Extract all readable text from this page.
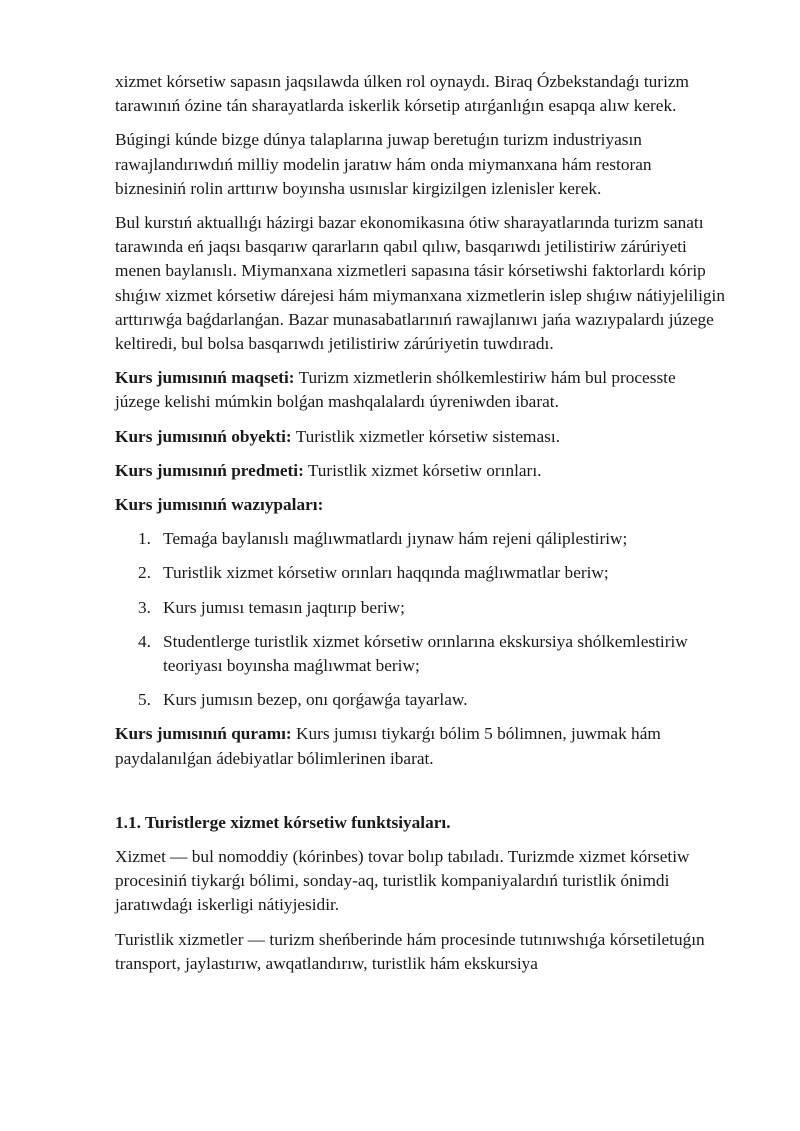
xizmet kórsetiw sapasın jaqsılawda úlken rol oynaydı. Biraq Ózbekstandaǵı turizm tarawınıń ózine tán sharayatlarda iskerlik kórsetip atırǵanlıǵın esapqa alıw kerek.

Búgingi kúnde bizge dúnya talaplarına juwap beretuǵın turizm industriyasın rawajlandırıwdıń milliy modelin jaratıw hám onda miymanxana hám restoran biznesiniń rolin arttırıw boyınsha usınıslar kirgizilgen izlenisler kerek.

Bul kurstıń aktuallıǵı házirgi bazar ekonomikasına ótiw sharayatlarında turizm sanatı tarawında eń jaqsı basqarıw qararların qabıl qılıw, basqarıwdı jetilistiriw zárúriyeti menen baylanıslı. Miymanxana xizmetleri sapasına tásir kórsetiwshi faktorlardı kórip shıǵıw xizmet kórsetiw dárejesi hám miymanxana xizmetlerin islep shıǵıw nátiyjeliligin arttırıwǵa baǵdarlanǵan. Bazar munasabatlarınıń rawajlanıwı jańa wazıypalardı júzege keltiredi, bul bolsa basqarıwdı jetilistiriw zárúriyetin tuwdıradı.

Kurs jumısınıń maqseti: Turizm xizmetlerin shólkemlestiriw hám bul processte júzege kelishi múmkin bolǵan mashqalalardı úyreniwden ibarat.

Kurs jumısınıń obyekti: Turistlik xizmetler kórsetiw sisteması.

Kurs jumısınıń predmeti: Turistlik xizmet kórsetiw orınları.

Kurs jumısınıń wazıypaları:

1. Temaǵa baylanıslı maǵlıwmatlardı jıynaw hám rejeni qáliplestiriw;
2. Turistlik xizmet kórsetiw orınları haqqında maǵlıwmatlar beriw;
3. Kurs jumısı temasın jaqtırıp beriw;
4. Studentlerge turistlik xizmet kórsetiw orınlarına ekskursiya shólkemlestiriw teoriyası boyınsha maǵlıwmat beriw;
5. Kurs jumısın bezep, onı qorǵawǵa tayarlaw.

Kurs jumısınıń quramı: Kurs jumısı tiykarǵı bólim 5 bólimnen, juwmak hám paydalanılǵan ádebiyatlar bólimlerinen ibarat.

1.1. Turistlerge xizmet kórsetiw funktsiyaları.

Xizmet — bul nomoddiy (kórinbes) tovar bolıp tabıladı. Turizmde xizmet kórsetiw procesiniń tiykarǵı bólimi, sonday-aq, turistlik kompaniyalardıń turistlik ónimdi jaratıwdaǵı iskerligi nátiyjesidir.

Turistlik xizmetler — turizm sheńberinde hám procesinde tutınıwshıǵa kórsetiletuǵın transport, jaylastırıw, awqatlandırıw, turistlik hám ekskursiya
